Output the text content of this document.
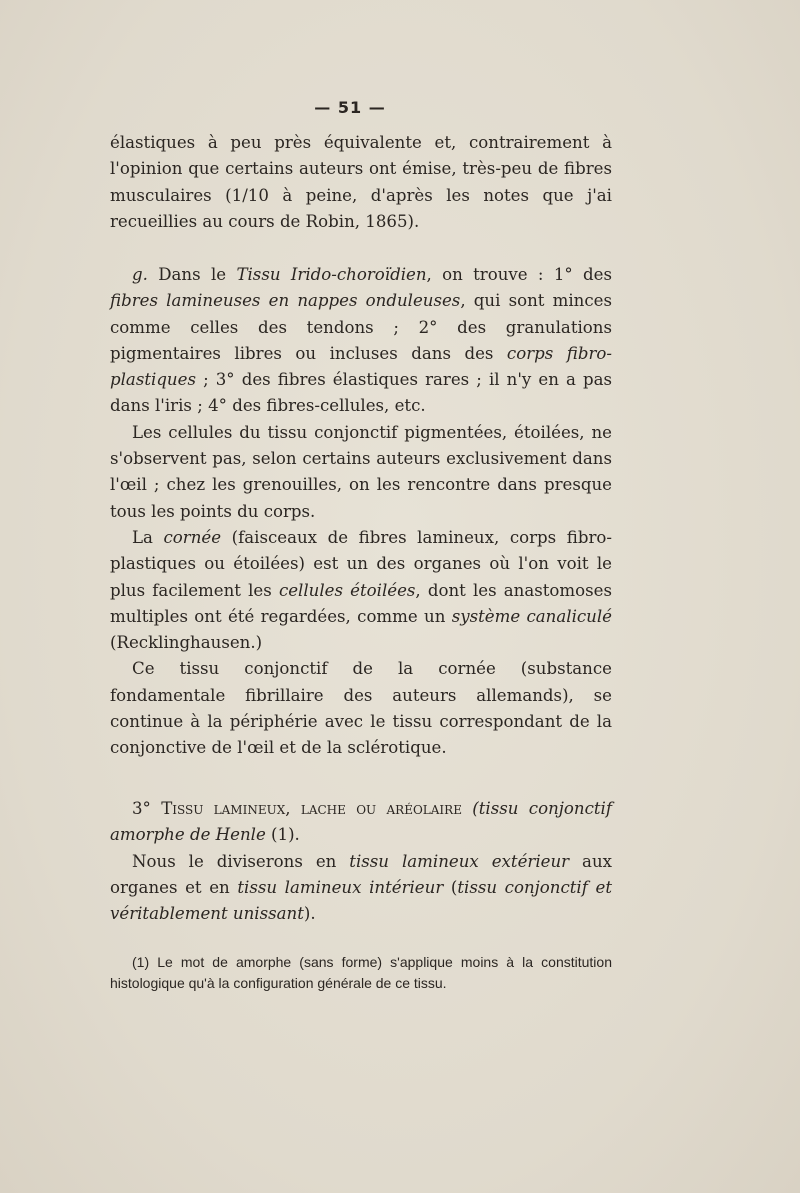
— 51 —

élastiques à peu près équivalente et, contrairement à l'opinion que certains auteurs ont émise, très-peu de fibres musculaires (1/10 à peine, d'après les notes que j'ai recueillies au cours de Robin, 1865).

g. Dans le Tissu Irido-choroïdien, on trouve : 1° des fibres lamineuses en nappes onduleuses, qui sont minces comme celles des tendons ; 2° des granulations pigmentaires libres ou incluses dans des corps fibro-plastiques ; 3° des fibres élastiques rares ; il n'y en a pas dans l'iris ; 4° des fibres-cellules, etc.

Les cellules du tissu conjonctif pigmentées, étoilées, ne s'observent pas, selon certains auteurs exclusivement dans l'œil ; chez les grenouilles, on les rencontre dans presque tous les points du corps.

La cornée (faisceaux de fibres lamineux, corps fibro-plastiques ou étoilées) est un des organes où l'on voit le plus facilement les cellules étoilées, dont les anastomoses multiples ont été regardées, comme un système canaliculé (Recklinghausen.)

Ce tissu conjonctif de la cornée (substance fondamentale fibrillaire des auteurs allemands), se continue à la périphérie avec le tissu correspondant de la conjonctive de l'œil et de la sclérotique.

3° Tissu lamineux, lache ou aréolaire (tissu conjonctif amorphe de Henle (1).

Nous le diviserons en tissu lamineux extérieur aux organes et en tissu lamineux intérieur (tissu conjonctif et véritablement unissant).

(1) Le mot de amorphe (sans forme) s'applique moins à la constitution histologique qu'à la configuration générale de ce tissu.
